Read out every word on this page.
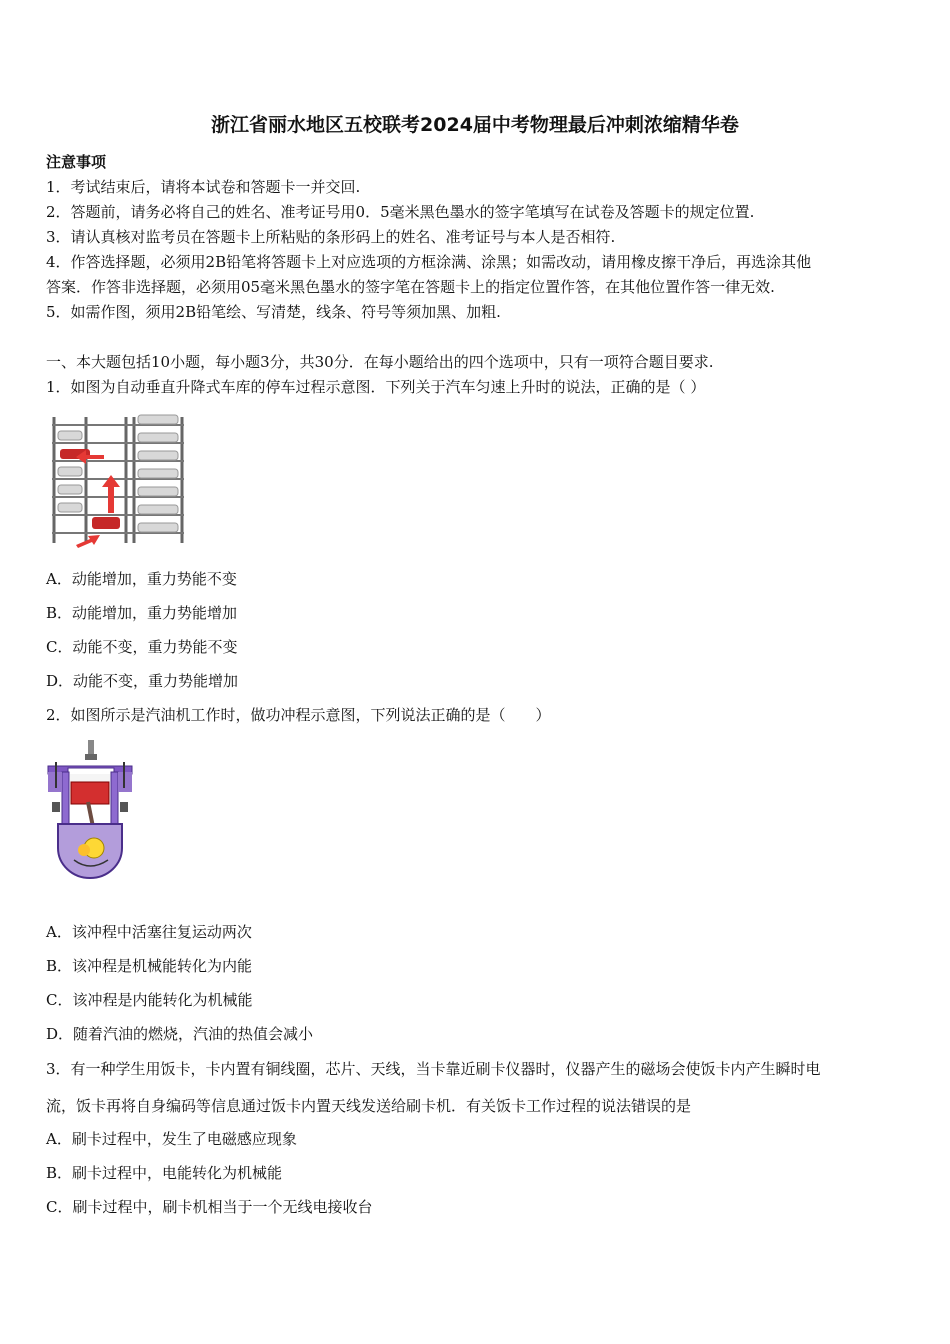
浙江省丽水地区五校联考2024届中考物理最后冲刺浓缩精华卷
注意事项
1．考试结束后，请将本试卷和答题卡一并交回.
2．答题前，请务必将自己的姓名、准考证号用0．5毫米黑色墨水的签字笔填写在试卷及答题卡的规定位置.
3．请认真核对监考员在答题卡上所粘贴的条形码上的姓名、准考证号与本人是否相符.
4．作答选择题，必须用2B铅笔将答题卡上对应选项的方框涂满、涂黑；如需改动，请用橡皮擦干净后，再选涂其他
答案．作答非选择题，必须用05毫米黑色墨水的签字笔在答题卡上的指定位置作答，在其他位置作答一律无效.
5．如需作图，须用2B铅笔绘、写清楚，线条、符号等须加黑、加粗.
一、本大题包括10小题，每小题3分，共30分．在每小题给出的四个选项中，只有一项符合题目要求.
1．如图为自动垂直升降式车库的停车过程示意图．下列关于汽车匀速上升时的说法，正确的是（ ）
A．动能增加，重力势能不变
B．动能增加，重力势能增加
C．动能不变，重力势能不变
D．动能不变，重力势能增加
2．如图所示是汽油机工作时，做功冲程示意图，下列说法正确的是（　　）
A．该冲程中活塞往复运动两次
B．该冲程是机械能转化为内能
C．该冲程是内能转化为机械能
D．随着汽油的燃烧，汽油的热值会减小
3．有一种学生用饭卡，卡内置有铜线圈，芯片、天线，当卡靠近刷卡仪器时，仪器产生的磁场会使饭卡内产生瞬时电
流，饭卡再将自身编码等信息通过饭卡内置天线发送给刷卡机．有关饭卡工作过程的说法错误的是
A．刷卡过程中，发生了电磁感应现象
B．刷卡过程中，电能转化为机械能
C．刷卡过程中，刷卡机相当于一个无线电接收台
